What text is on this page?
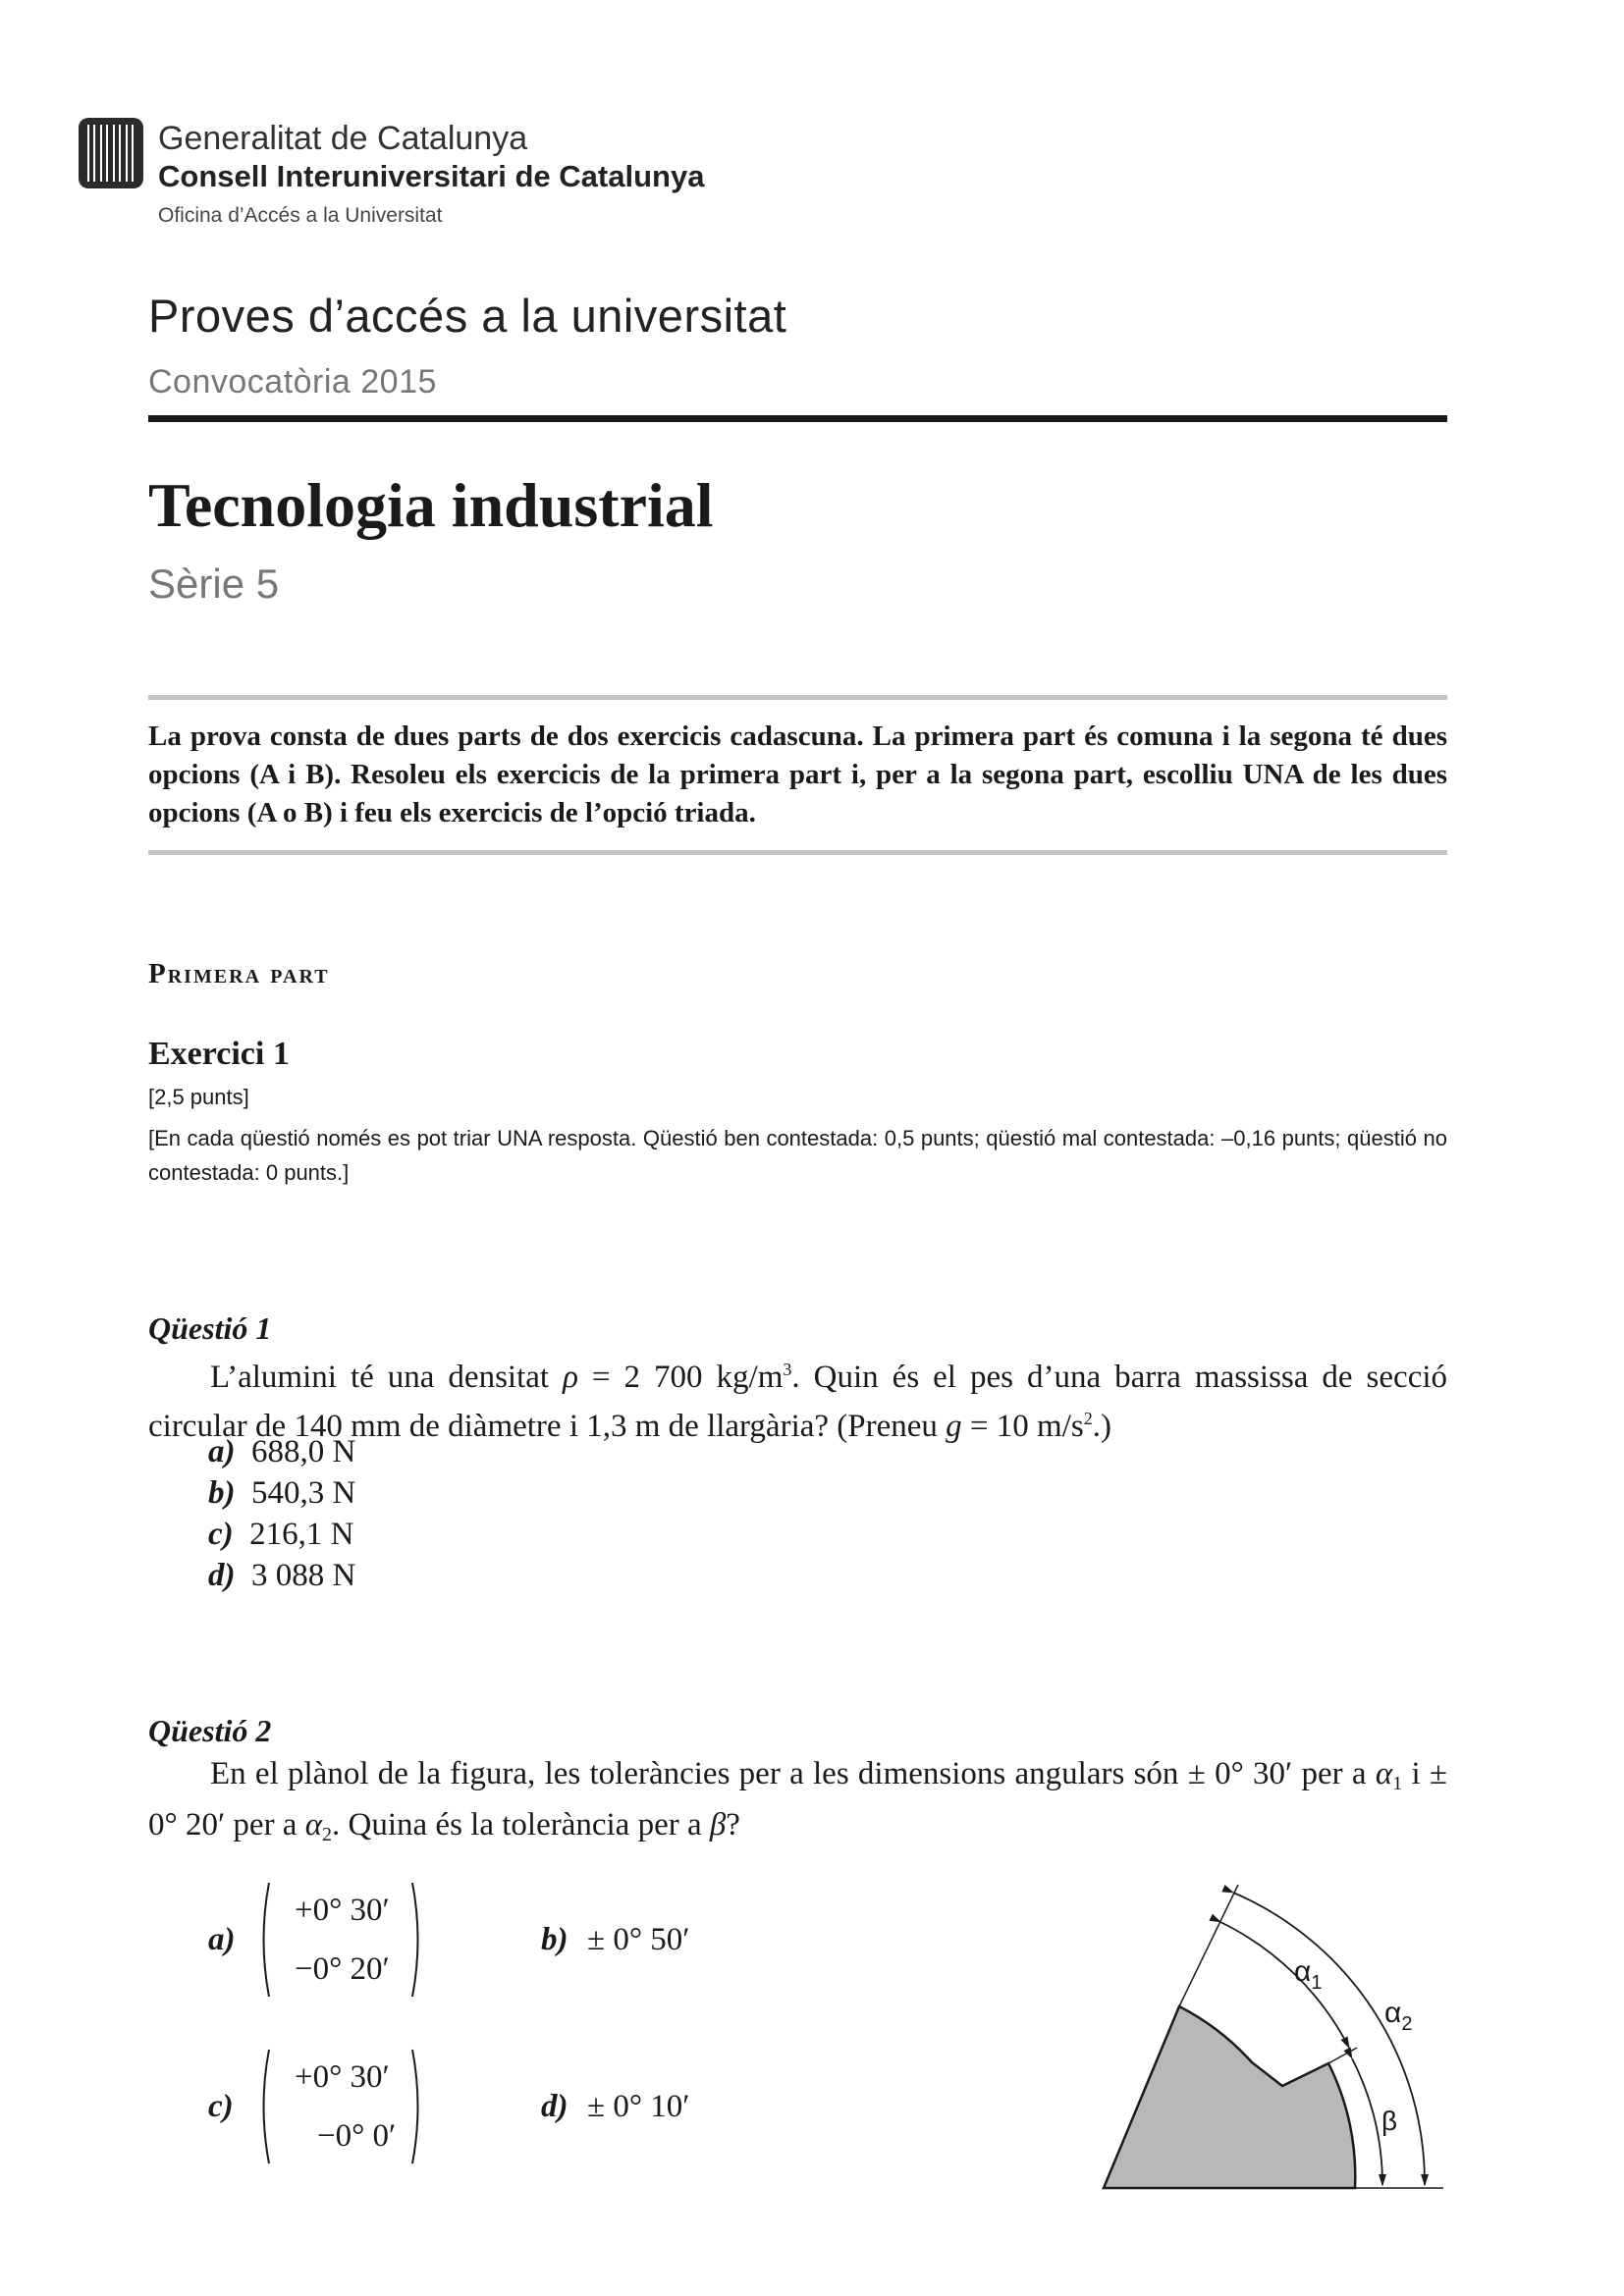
Generalitat de Catalunya
Consell Interuniversitari de Catalunya
Oficina d’Accés a la Universitat
Proves d’accés a la universitat
Convocatòria 2015
Tecnologia industrial
Sèrie 5
La prova consta de dues parts de dos exercicis cadascuna. La primera part és comuna i la segona té dues opcions (A i B). Resoleu els exercicis de la primera part i, per a la segona part, escolliu UNA de les dues opcions (A o B) i feu els exercicis de l’opció triada.
Primera part
Exercici 1
[2,5 punts]
[En cada qüestió només es pot triar UNA resposta. Qüestió ben contestada: 0,5 punts; qüestió mal contestada: –0,16 punts; qüestió no contestada: 0 punts.]
Qüestió 1
L’alumini té una densitat ρ = 2 700 $kg/m^3$. Quin és el pes d’una barra massissa de secció circular de 140 mm de diàmetre i 1,3 m de llargària? (Preneu g = 10 $m/s^2$.)
a) 688,0 N
b) 540,3 N
c) 216,1 N
d) 3 088 N
Qüestió 2
En el plànol de la figura, les toleràncies per a les dimensions angulars són ± 0° 30′ per a $\alpha_1$ i ± 0° 20′ per a $\alpha_2$. Quina és la tolerància per a β?
a)
+0° 30′
−0° 20′
b) ± 0° 50′
c)
+0° 30′
−0° 0′
d) ± 0° 10′
$\alpha_1$
$\alpha_2$
β
